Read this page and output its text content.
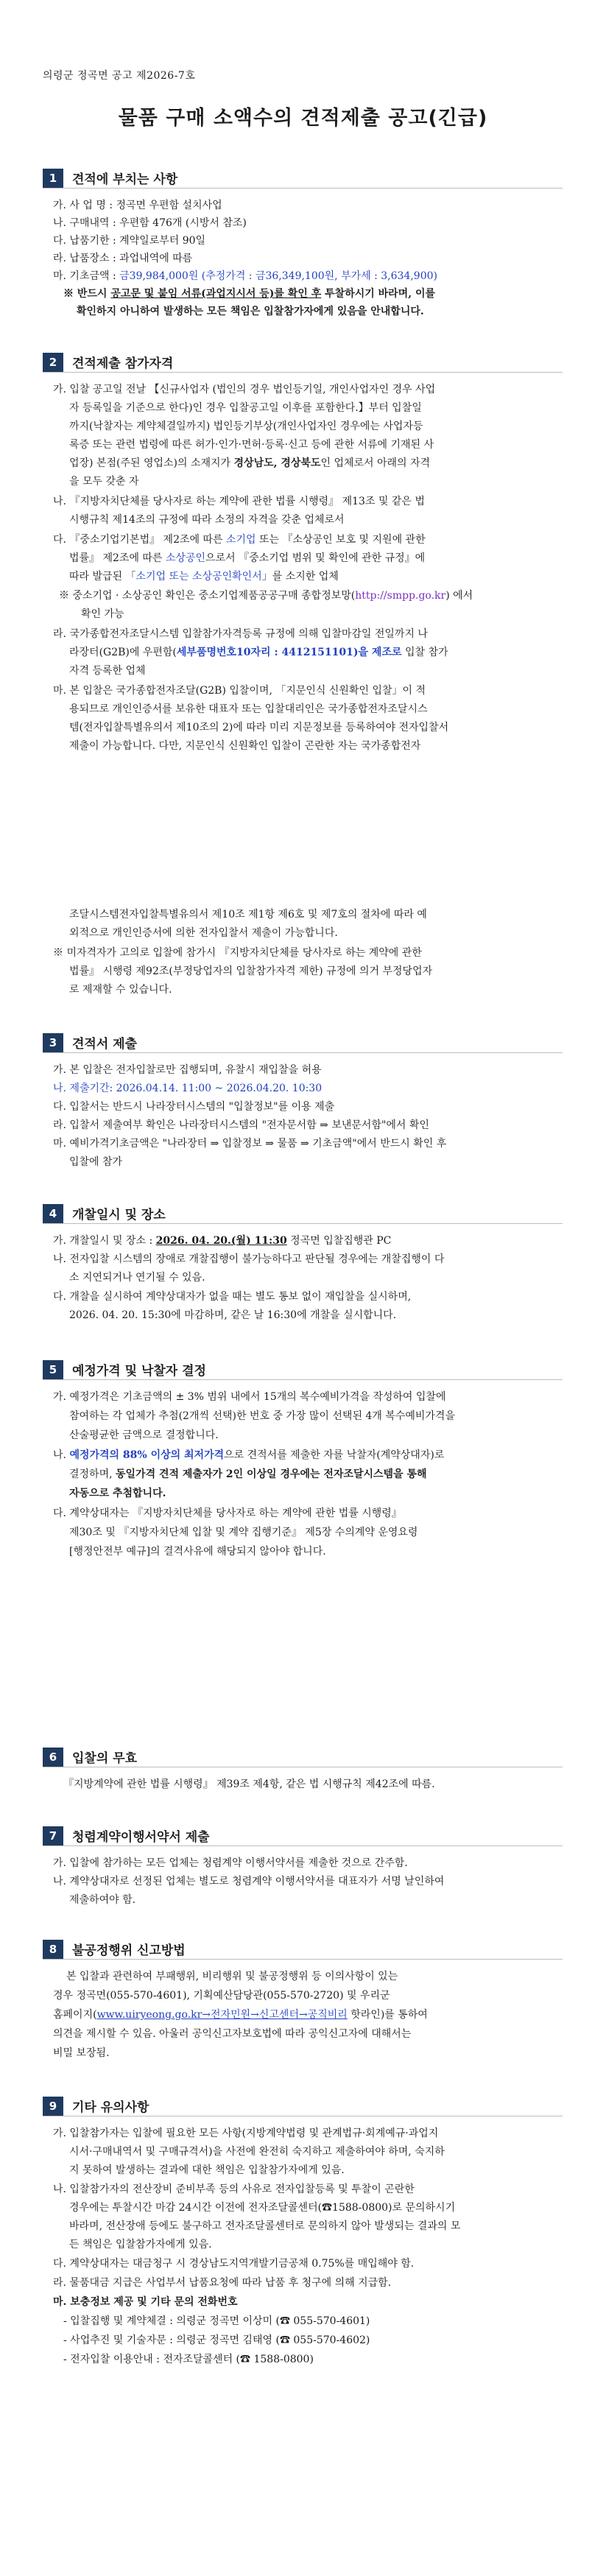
의령군 정곡면 공고 제2026-7호
물품 구매 소액수의 견적제출 공고(긴급)
1	견적에 부치는 사항
가. 사 업 명 : 정곡면 우편함 설치사업
나. 구매내역 : 우편함 476개 (시방서 참조)
다. 납품기한 : 계약일로부터 90일
라. 납품장소 : 과업내역에 따름
마. 기초금액 : 금39,984,000원 (추정가격 : 금36,349,100원, 부가세 : 3,634,900)
※ 반드시 공고문 및 붙임 서류(과업지시서 등)를 확인 후 투찰하시기 바라며, 이를
확인하지 아니하여 발생하는 모든 책임은 입찰참가자에게 있음을 안내합니다.
2	견적제출 참가자격
가. 입찰 공고일 전날 【신규사업자 (법인의 경우 법인등기일, 개인사업자인 경우 사업
자 등록일을 기준으로 한다)인 경우 입찰공고일 이후를 포함한다.】부터 입찰일
까지(낙찰자는 계약체결일까지) 법인등기부상(개인사업자인 경우에는 사업자등
록증 또는 관련 법령에 따른 허가·인가·면허·등록·신고 등에 관한 서류에 기재된 사
업장) 본점(주된 영업소)의 소재지가 경상남도, 경상북도인 업체로서 아래의 자격
을 모두 갖춘 자
나. 『지방자치단체를 당사자로 하는 계약에 관한 법률 시행령』 제13조 및 같은 법
시행규칙 제14조의 규정에 따라 소정의 자격을 갖춘 업체로서
다. 『중소기업기본법』 제2조에 따른 소기업 또는 『소상공인 보호 및 지원에 관한
법률』 제2조에 따른 소상공인으로서 『중소기업 범위 및 확인에 관한 규정』에
따라 발급된 「소기업 또는 소상공인확인서」를 소지한 업체
※ 중소기업 · 소상공인 확인은 중소기업제품공공구매 종합정보망(http://smpp.go.kr) 에서
확인 가능
라. 국가종합전자조달시스템 입찰참가자격등록 규정에 의해 입찰마감일 전일까지 나
라장터(G2B)에 우편함(세부품명번호10자리 : 4412151101)을 제조로 입찰 참가
자격 등록한 업체
마. 본 입찰은 국가종합전자조달(G2B) 입찰이며, 「지문인식 신원확인 입찰」이 적
용되므로 개인인증서를 보유한 대표자 또는 입찰대리인은 국가종합전자조달시스
템(전자입찰특별유의서 제10조의 2)에 따라 미리 지문정보를 등록하여야 전자입찰서
제출이 가능합니다. 다만, 지문인식 신원확인 입찰이 곤란한 자는 국가종합전자
조달시스템전자입찰특별유의서 제10조 제1항 제6호 및 제7호의 절차에 따라 예
외적으로 개인인증서에 의한 전자입찰서 제출이 가능합니다.
※ 미자격자가 고의로 입찰에 참가시 『지방자치단체를 당사자로 하는 계약에 관한
법률』 시행령 제92조(부정당업자의 입찰참가자격 제한) 규정에 의거 부정당업자
로 제재할 수 있습니다.
3	견적서 제출
가. 본 입찰은 전자입찰로만 집행되며, 유찰시 재입찰을 허용
나. 제출기간: 2026.04.14. 11:00 ~ 2026.04.20. 10:30
다. 입찰서는 반드시 나라장터시스템의 "입찰정보"를 이용 제출
라. 입찰서 제출여부 확인은 나라장터시스템의 "전자문서함 ⇒ 보낸문서함"에서 확인
마. 예비가격기초금액은 "나라장터 ⇒ 입찰정보 ⇒ 물품 ⇒ 기초금액"에서 반드시 확인 후
입찰에 참가
4	개찰일시 및 장소
가. 개찰일시 및 장소 : 2026. 04. 20.(월) 11:30 정곡면 입찰집행관 PC
나. 전자입찰 시스템의 장애로 개찰집행이 불가능하다고 판단될 경우에는 개찰집행이 다
소 지연되거나 연기될 수 있음.
다. 개찰을 실시하여 계약상대자가 없을 때는 별도 통보 없이 재입찰을 실시하며,
2026. 04. 20. 15:30에 마감하며, 같은 날 16:30에 개찰을 실시합니다.
5	예정가격 및 낙찰자 결정
가. 예정가격은 기초금액의 ± 3% 범위 내에서 15개의 복수예비가격을 작성하여 입찰에
참여하는 각 업체가 추첨(2개씩 선택)한 번호 중 가장 많이 선택된 4개 복수예비가격을
산술평균한 금액으로 결정합니다.
나. 예정가격의 88% 이상의 최저가격으로 견적서를 제출한 자를 낙찰자(계약상대자)로
결정하며, 동일가격 견적 제출자가 2인 이상일 경우에는 전자조달시스템을 통해
자동으로 추첨합니다.
다. 계약상대자는 『지방자치단체를 당사자로 하는 계약에 관한 법률 시행령』
제30조 및 『지방자치단체 입찰 및 계약 집행기준』 제5장 수의계약 운영요령
[행정안전부 예규]의 결격사유에 해당되지 않아야 합니다.
6	입찰의 무효
『지방계약에 관한 법률 시행령』 제39조 제4항, 같은 법 시행규칙 제42조에 따름.
7	청렴계약이행서약서 제출
가. 입찰에 참가하는 모든 업체는 청렴계약 이행서약서를 제출한 것으로 간주함.
나. 계약상대자로 선정된 업체는 별도로 청렴계약 이행서약서를 대표자가 서명 날인하여
제출하여야 함.
8	불공정행위 신고방법
본 입찰과 관련하여 부패행위, 비리행위 및 불공정행위 등 이의사항이 있는
경우 정곡면(055-570-4601), 기획예산담당관(055-570-2720) 및 우리군
홈페이지(www.uiryeong.go.kr→전자민원→신고센터→공직비리 핫라인)를 통하여
의견을 제시할 수 있음. 아울러 공익신고자보호법에 따라 공익신고자에 대해서는
비밀 보장됨.
9	기타 유의사항
가. 입찰참가자는 입찰에 필요한 모든 사항(지방계약법령 및 관계법규·회계예규·과업지
시서·구매내역서 및 구매규격서)을 사전에 완전히 숙지하고 제출하여야 하며, 숙지하
지 못하여 발생하는 결과에 대한 책임은 입찰참가자에게 있음.
나. 입찰참가자의 전산장비 준비부족 등의 사유로 전자입찰등록 및 투찰이 곤란한
경우에는 투찰시간 마감 24시간 이전에 전자조달콜센터(☎1588-0800)로 문의하시기
바라며, 전산장애 등에도 불구하고 전자조달콜센터로 문의하지 않아 발생되는 결과의 모
든 책임은 입찰참가자에게 있음.
다. 계약상대자는 대금청구 시 경상남도지역개발기금공채 0.75%를 매입해야 함.
라. 물품대금 지급은 사업부서 납품요청에 따라 납품 후 청구에 의해 지급함.
마. 보충정보 제공 및 기타 문의 전화번호
- 입찰집행 및 계약체결 : 의령군 정곡면 이상미 (☎ 055-570-4601)
- 사업추진 및 기술자문 : 의령군 정곡면 김태영 (☎ 055-570-4602)
- 전자입찰 이용안내 : 전자조달콜센터 (☎ 1588-0800)
